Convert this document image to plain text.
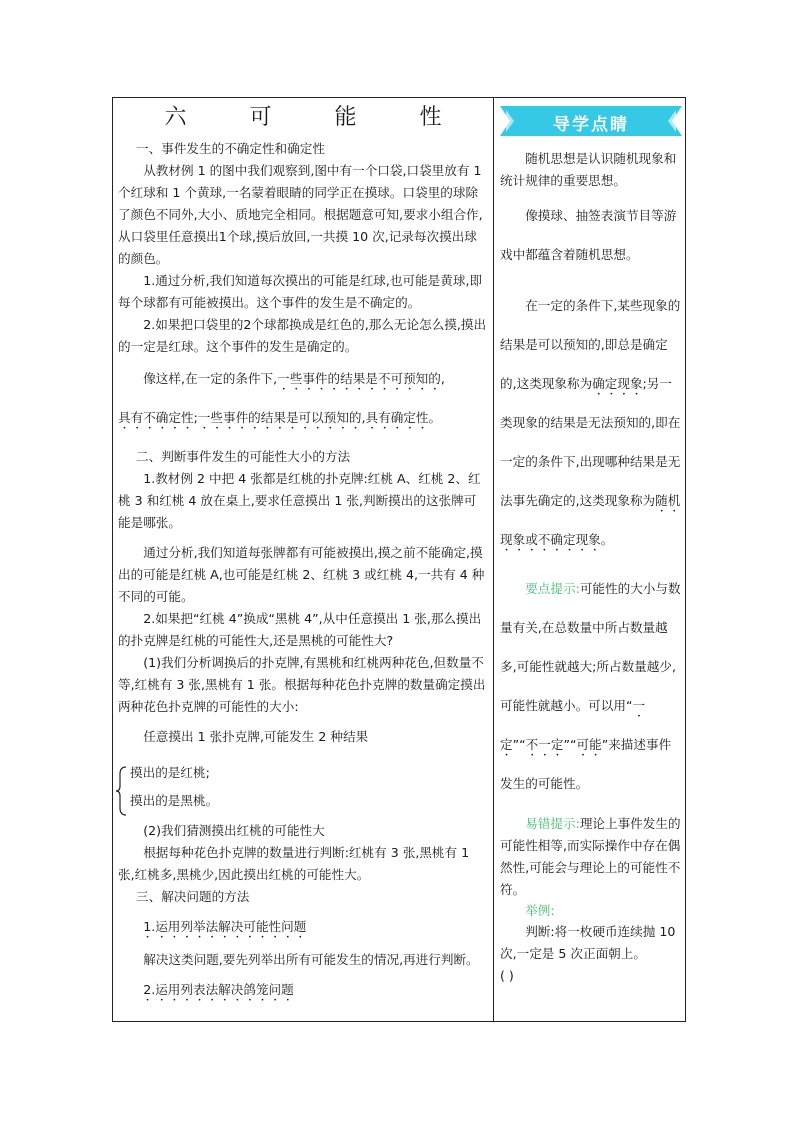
六 可 能 性

一、事件发生的不确定性和确定性

从教材例 1 的图中我们观察到,图中有一个口袋,口袋里放有 1 个红球和 1 个黄球,一名蒙着眼睛的同学正在摸球。口袋里的球除了颜色不同外,大小、质地完全相同。根据题意可知,要求小组合作,从口袋里任意摸出1个球,摸后放回,一共摸 10 次,记录每次摸出球的颜色。

1.通过分析,我们知道每次摸出的可能是红球,也可能是黄球,即每个球都有可能被摸出。这个事件的发生是不确定的。

2.如果把口袋里的2个球都换成是红色的,那么无论怎么摸,摸出的一定是红球。这个事件的发生是确定的。

像这样,在一定的条件下,一些事件的结果是不可预知的,

具有不确定性;一些事件的结果是可以预知的,具有确定性。

二、判断事件发生的可能性大小的方法

1.教材例 2 中把 4 张都是红桃的扑克牌:红桃 A、红桃 2、红桃 3 和红桃 4 放在桌上,要求任意摸出 1 张,判断摸出的这张牌可能是哪张。

通过分析,我们知道每张牌都有可能被摸出,摸之前不能确定,摸出的可能是红桃 A,也可能是红桃 2、红桃 3 或红桃 4,一共有 4 种不同的可能。

2.如果把“红桃 4”换成“黑桃 4”,从中任意摸出 1 张,那么摸出的扑克牌是红桃的可能性大,还是黑桃的可能性大?

(1)我们分析调换后的扑克牌,有黑桃和红桃两种花色,但数量不等,红桃有 3 张,黑桃有 1 张。根据每种花色扑克牌的数量确定摸出两种花色扑克牌的可能性的大小:

任意摸出 1 张扑克牌,可能发生 2 种结果

摸出的是红桃;

摸出的是黑桃。

(2)我们猜测摸出红桃的可能性大

根据每种花色扑克牌的数量进行判断:红桃有 3 张,黑桃有 1 张,红桃多,黑桃少,因此摸出红桃的可能性大。

三、解决问题的方法

1.运用列举法解决可能性问题

解决这类问题,要先列举出所有可能发生的情况,再进行判断。

2.运用列表法解决鸽笼问题

导学点睛

随机思想是认识随机现象和统计规律的重要思想。

像摸球、抽签表演节目等游戏中都蕴含着随机思想。

在一定的条件下,某些现象的结果是可以预知的,即总是确定的,这类现象称为确定现象;另一类现象的结果是无法预知的,即在一定的条件下,出现哪种结果是无法事先确定的,这类现象称为随机现象或不确定现象。

要点提示:可能性的大小与数量有关,在总数量中所占数量越多,可能性就越大;所占数量越少,可能性就越小。可以用“一定”“不一定”“可能”来描述事件发生的可能性。

易错提示:理论上事件发生的可能性相等,而实际操作中存在偶然性,可能会与理论上的可能性不符。

举例:

判断:将一枚硬币连续抛 10 次,一定是 5 次正面朝上。

( )
